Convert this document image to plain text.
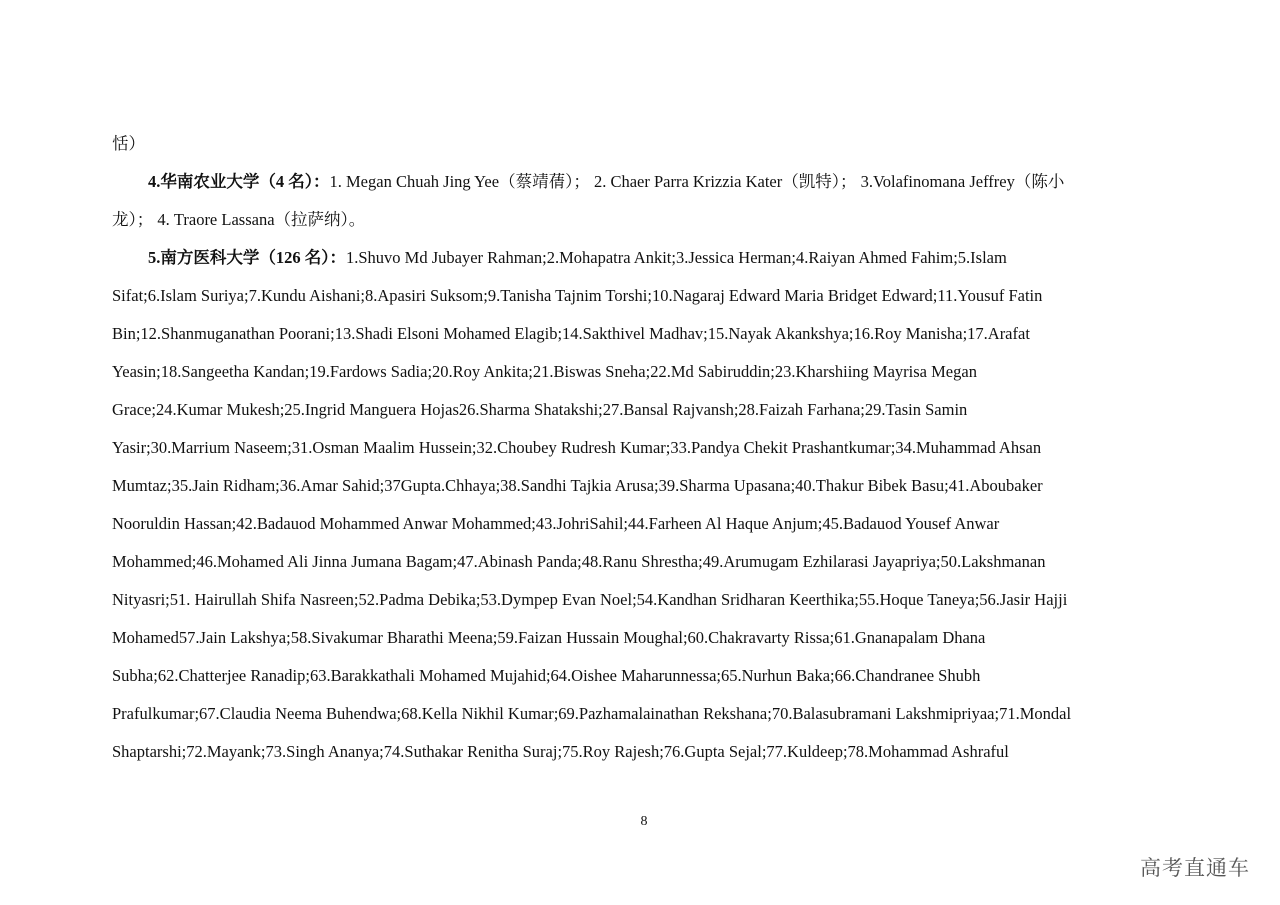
恬）
4.华南农业大学（4 名）：1. Megan Chuah Jing Yee（蔡靖蒨）； 2. Chaer Parra Krizzia Kater（凯特）； 3.Volafinomana Jeffrey（陈小
龙）； 4. Traore Lassana（拉萨纳）。
5.南方医科大学（126 名）：1.Shuvo Md Jubayer Rahman;2.Mohapatra Ankit;3.Jessica Herman;4.Raiyan Ahmed Fahim;5.Islam
Sifat;6.Islam Suriya;7.Kundu Aishani;8.Apasiri Suksom;9.Tanisha Tajnim Torshi;10.Nagaraj Edward Maria Bridget Edward;11.Yousuf Fatin
Bin;12.Shanmuganathan Poorani;13.Shadi Elsoni Mohamed Elagib;14.Sakthivel Madhav;15.Nayak Akankshya;16.Roy Manisha;17.Arafat
Yeasin;18.Sangeetha Kandan;19.Fardows Sadia;20.Roy Ankita;21.Biswas Sneha;22.Md Sabiruddin;23.Kharshiing Mayrisa Megan
Grace;24.Kumar Mukesh;25.Ingrid Manguera Hojas26.Sharma Shatakshi;27.Bansal Rajvansh;28.Faizah Farhana;29.Tasin Samin
Yasir;30.Marrium Naseem;31.Osman Maalim Hussein;32.Choubey Rudresh Kumar;33.Pandya Chekit Prashantkumar;34.Muhammad Ahsan
Mumtaz;35.Jain Ridham;36.Amar Sahid;37Gupta.Chhaya;38.Sandhi Tajkia Arusa;39.Sharma Upasana;40.Thakur Bibek Basu;41.Aboubaker
Nooruldin Hassan;42.Badauod Mohammed Anwar Mohammed;43.JohriSahil;44.Farheen Al Haque Anjum;45.Badauod Yousef Anwar
Mohammed;46.Mohamed Ali Jinna Jumana Bagam;47.Abinash Panda;48.Ranu Shrestha;49.Arumugam Ezhilarasi Jayapriya;50.Lakshmanan
Nityasri;51. Hairullah Shifa Nasreen;52.Padma Debika;53.Dympep Evan Noel;54.Kandhan Sridharan Keerthika;55.Hoque Taneya;56.Jasir Hajji
Mohamed57.Jain Lakshya;58.Sivakumar Bharathi Meena;59.Faizan Hussain Moughal;60.Chakravarty Rissa;61.Gnanapalam Dhana
Subha;62.Chatterjee Ranadip;63.Barakkathali Mohamed Mujahid;64.Oishee Maharunnessa;65.Nurhun Baka;66.Chandranee Shubh
Prafulkumar;67.Claudia Neema Buhendwa;68.Kella Nikhil Kumar;69.Pazhamalainathan Rekshana;70.Balasubramani Lakshmipriyaa;71.Mondal
Shaptarshi;72.Mayank;73.Singh Ananya;74.Suthakar Renitha Suraj;75.Roy Rajesh;76.Gupta Sejal;77.Kuldeep;78.Mohammad Ashraful
8
高考直通车
